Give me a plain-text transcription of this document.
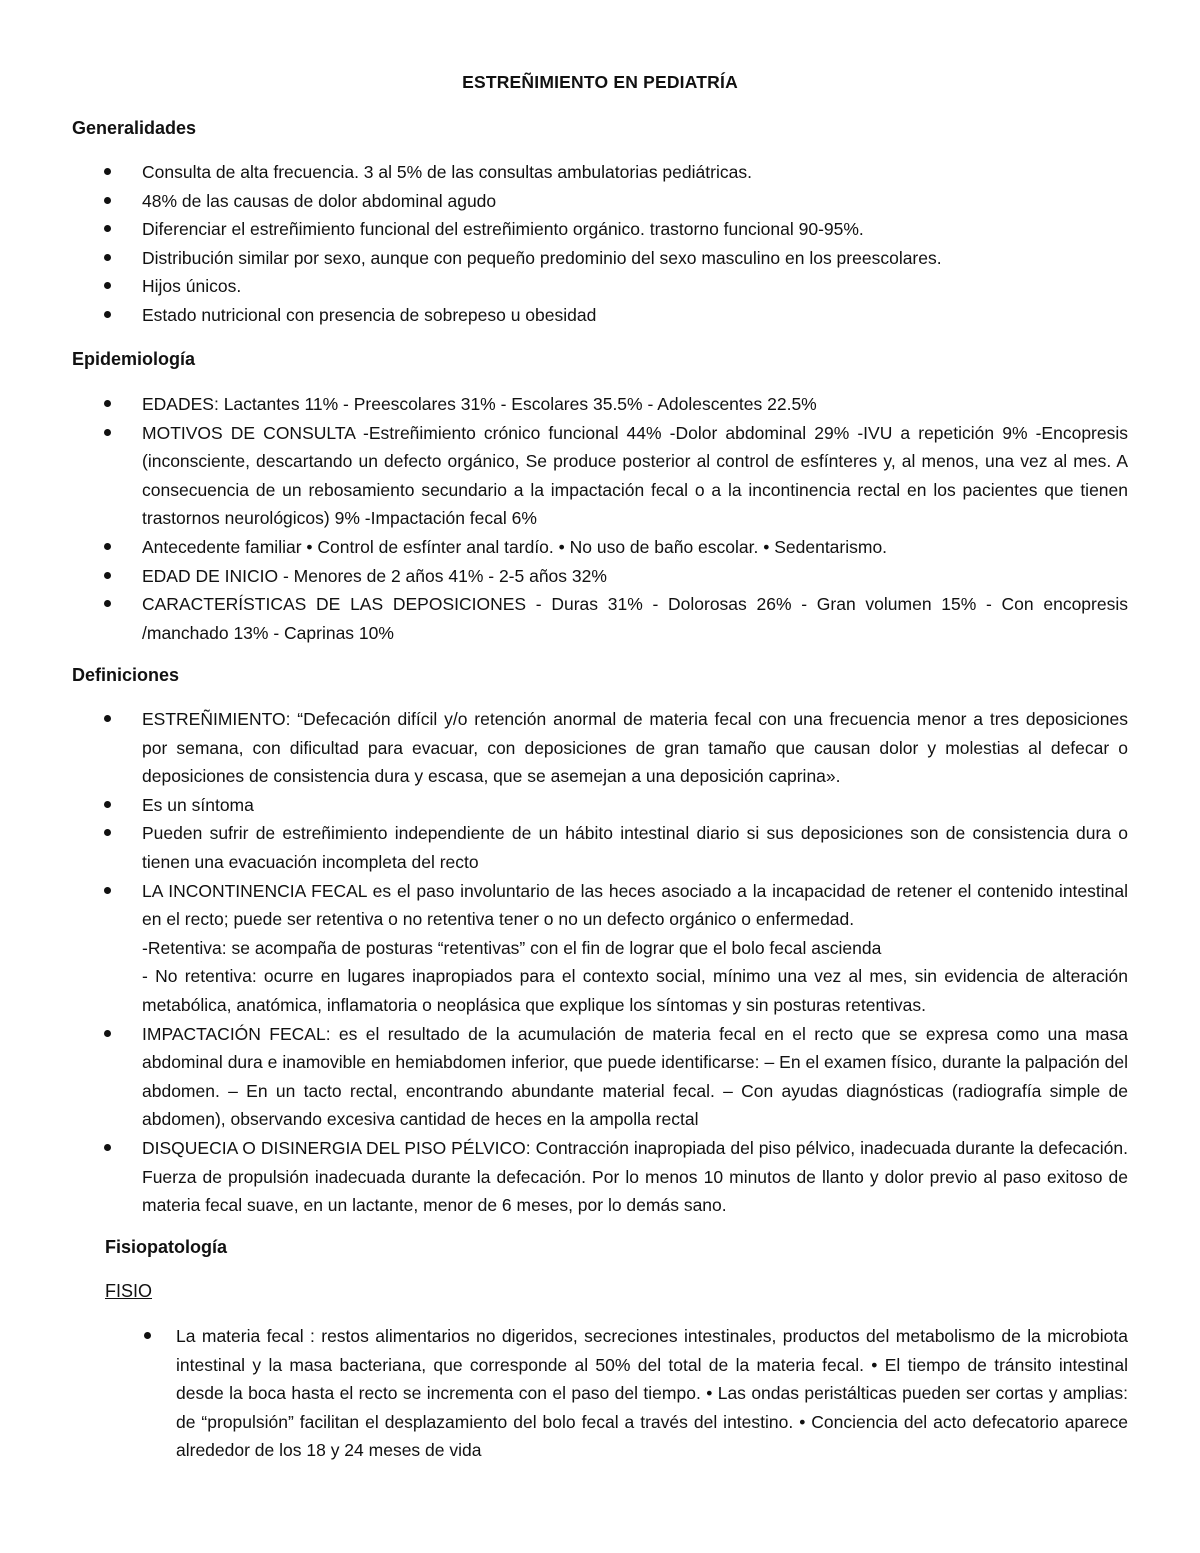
ESTREÑIMIENTO EN PEDIATRÍA
Generalidades

Consulta de alta frecuencia. 3 al 5% de las consultas ambulatorias pediátricas.

48% de las causas de dolor abdominal agudo

Diferenciar el estreñimiento funcional del estreñimiento orgánico. trastorno funcional 90-95%.

Distribución similar por sexo, aunque con pequeño predominio del sexo masculino en los preescolares.

Hijos únicos.

Estado nutricional con presencia de sobrepeso u obesidad

Epidemiología

EDADES: Lactantes 11% - Preescolares 31% - Escolares 35.5% - Adolescentes 22.5%

MOTIVOS DE CONSULTA -Estreñimiento crónico funcional 44% -Dolor abdominal 29% -IVU a repetición 9% -Encopresis (inconsciente, descartando un defecto orgánico, Se produce posterior al control de esfínteres y, al menos, una vez al mes. A consecuencia de un rebosamiento secundario a la impactación fecal o a la incontinencia rectal en los pacientes que tienen trastornos neurológicos) 9% -Impactación fecal 6%

Antecedente familiar • Control de esfínter anal tardío. • No uso de baño escolar. • Sedentarismo.

EDAD DE INICIO - Menores de 2 años 41% - 2-5 años 32%

CARACTERÍSTICAS DE LAS DEPOSICIONES - Duras 31% - Dolorosas 26% - Gran volumen 15% - Con encopresis /manchado 13% - Caprinas 10%

Definiciones

ESTREÑIMIENTO: “Defecación difícil y/o retención anormal de materia fecal con una frecuencia menor a tres deposiciones por semana, con dificultad para evacuar, con deposiciones de gran tamaño que causan dolor y molestias al defecar o deposiciones de consistencia dura y escasa, que se asemejan a una deposición caprina».

Es un síntoma

Pueden sufrir de estreñimiento independiente de un hábito intestinal diario si sus deposiciones son de consistencia dura o tienen una evacuación incompleta del recto

LA INCONTINENCIA FECAL es el paso involuntario de las heces asociado a la incapacidad de retener el contenido intestinal en el recto; puede ser retentiva o no retentiva tener o no un defecto orgánico o enfermedad.

-Retentiva: se acompaña de posturas “retentivas” con el fin de lograr que el bolo fecal ascienda

- No retentiva: ocurre en lugares inapropiados para el contexto social, mínimo una vez al mes, sin evidencia de alteración metabólica, anatómica, inflamatoria o neoplásica que explique los síntomas y sin posturas retentivas.

IMPACTACIÓN FECAL: es el resultado de la acumulación de materia fecal en el recto que se expresa como una masa abdominal dura e inamovible en hemiabdomen inferior, que puede identificarse: – En el examen físico, durante la palpación del abdomen. – En un tacto rectal, encontrando abundante material fecal. – Con ayudas diagnósticas (radiografía simple de abdomen), observando excesiva cantidad de heces en la ampolla rectal

DISQUECIA O DISINERGIA DEL PISO PÉLVICO: Contracción inapropiada del piso pélvico, inadecuada durante la defecación. Fuerza de propulsión inadecuada durante la defecación. Por lo menos 10 minutos de llanto y dolor previo al paso exitoso de materia fecal suave, en un lactante, menor de 6 meses, por lo demás sano.

Fisiopatología
FISIO

La materia fecal : restos alimentarios no digeridos, secreciones intestinales, productos del metabolismo de la microbiota intestinal y la masa bacteriana, que corresponde al 50% del total de la materia fecal. • El tiempo de tránsito intestinal desde la boca hasta el recto se incrementa con el paso del tiempo. • Las ondas peristálticas pueden ser cortas y amplias: de “propulsión” facilitan el desplazamiento del bolo fecal a través del intestino. • Conciencia del acto defecatorio aparece alrededor de los 18 y 24 meses de vida
